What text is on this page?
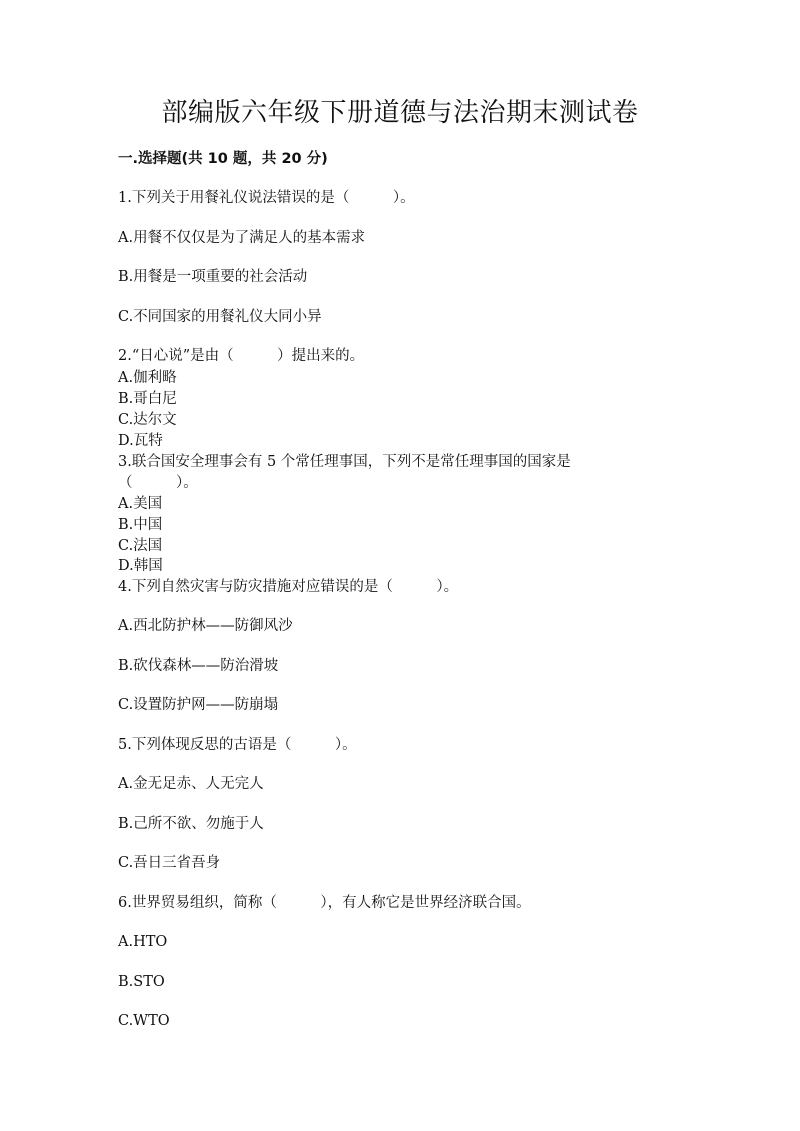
部编版六年级下册道德与法治期末测试卷
一.选择题(共 10 题，共 20 分)
1.下列关于用餐礼仪说法错误的是（　　　）。
A.用餐不仅仅是为了满足人的基本需求
B.用餐是一项重要的社会活动
C.不同国家的用餐礼仪大同小异
2.“日心说”是由（　　　）提出来的。
A.伽利略
B.哥白尼
C.达尔文
D.瓦特
3.联合国安全理事会有 5 个常任理事国，下列不是常任理事国的国家是
（　　　）。
A.美国
B.中国
C.法国
D.韩国
4.下列自然灾害与防灾措施对应错误的是（　　　）。
A.西北防护林——防御风沙
B.砍伐森林——防治滑坡
C.设置防护网——防崩塌
5.下列体现反思的古语是（　　　）。
A.金无足赤、人无完人
B.己所不欲、勿施于人
C.吾日三省吾身
6.世界贸易组织，简称（　　　），有人称它是世界经济联合国。
A.HTO
B.STO
C.WTO
